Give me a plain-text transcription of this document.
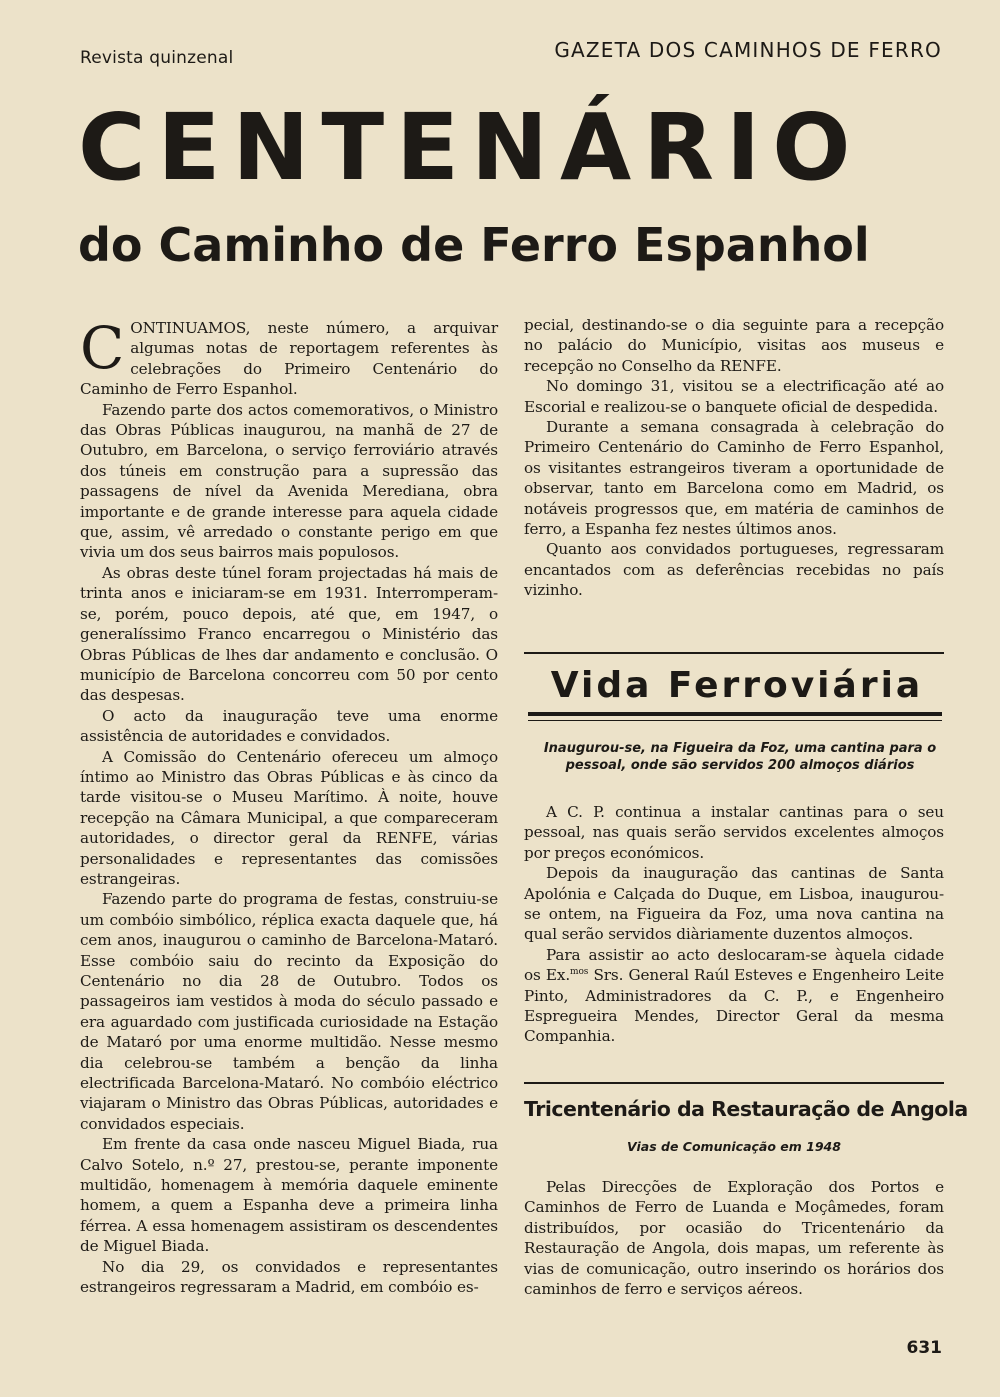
Revista quinzenal	GAZETA DOS CAMINHOS DE FERRO
CENTENÁRIO
do Caminho de Ferro Espanhol

CONTINUAMOS, neste número, a arquivar algumas notas de reportagem referentes às celebrações do Primeiro Centenário do Caminho de Ferro Espanhol.

Fazendo parte dos actos comemorativos, o Ministro das Obras Públicas inaugurou, na manhã de 27 de Outubro, em Barcelona, o serviço ferroviário através dos túneis em construção para a supressão das passagens de nível da Avenida Meredianа, obra importante e de grande interesse para aquela cidade que, assim, vê arredado o constante perigo em que vivia um dos seus bairros mais populosos.

As obras deste túnel foram projectadas há mais de trinta anos e iniciaram-se em 1931. Interromperam-se, porém, pouco depois, até que, em 1947, o generalíssimo Franco encarregou o Ministério das Obras Públicas de lhes dar andamento e conclusão. O município de Barcelona concorreu com 50 por cento das despesas.

O acto da inauguração teve uma enorme assistência de autoridades e convidados.

A Comissão do Centenário ofereceu um almoço íntimo ao Ministro das Obras Públicas e às cinco da tarde visitou-se o Museu Marítimo. À noite, houve recepção na Câmara Municipal, a que compareceram autoridades, o director geral da RENFE, várias personalidades e representantes das comissões estrangeiras.

Fazendo parte do programa de festas, construiu-se um combóio simbólico, réplica exacta daquele que, há cem anos, inaugurou o caminho de Barcelona-Mataró. Esse combóio saiu do recinto da Exposição do Centenário no dia 28 de Outubro. Todos os passageiros iam vestidos à moda do século passado e era aguardado com justificada curiosidade na Estação de Mataró por uma enorme multidão. Nesse mesmo dia celebrou-se também a benção da linha electrificada Barcelona-Mataró. No combóio eléctrico viajaram o Ministro das Obras Públicas, autoridades e convidados especiais.

Em frente da casa onde nasceu Miguel Biada, rua Calvo Sotelo, n.º 27, prestou-se, perante imponente multidão, homenagem à memória daquele eminente homem, a quem a Espanha deve a primeira linha férrea. A essa homenagem assistiram os descendentes de Miguel Biada.

No dia 29, os convidados e representantes estrangeiros regressaram a Madrid, em combóio es-

pecial, destinando-se o dia seguinte para a recepção no palácio do Município, visitas aos museus e recepção no Conselho da RENFE.

No domingo 31, visitou se a electrificação até ao Escorial e realizou-se o banquete oficial de despedida.

Durante a semana consagrada à celebração do Primeiro Centenário do Caminho de Ferro Espanhol, os visitantes estrangeiros tiveram a oportunidade de observar, tanto em Barcelona como em Madrid, os notáveis progressos que, em matéria de caminhos de ferro, a Espanha fez nestes últimos anos.

Quanto aos convidados portugueses, regressaram encantados com as deferências recebidas no país vizinho.

Vida Ferroviária
Inaugurou-se, na Figueira da Foz, uma cantina para o pessoal, onde são servidos 200 almoços diários

A C. P. continua a instalar cantinas para o seu pessoal, nas quais serão servidos excelentes almoços por preços económicos.

Depois da inauguração das cantinas de Santa Apolónia e Calçada do Duque, em Lisboa, inaugurou-se ontem, na Figueira da Foz, uma nova cantina na qual serão servidos diàriamente duzentos almoços.

Para assistir ao acto deslocaram-se àquela cidade os Ex.$^{mos}$ Srs. General Raúl Esteves e Engenheiro Leite Pinto, Administradores da C. P., e Engenheiro Espregueira Mendes, Director Geral da mesma Companhia.

Tricentenário da Restauração de Angola
Vias de Comunicação em 1948

Pelas Direcções de Exploração dos Portos e Caminhos de Ferro de Luanda e Moçâmedes, foram distribuídos, por ocasião do Tricentenário da Restauração de Angola, dois mapas, um referente às vias de comunicação, outro inserindo os horários dos caminhos de ferro e serviços aéreos.

631
